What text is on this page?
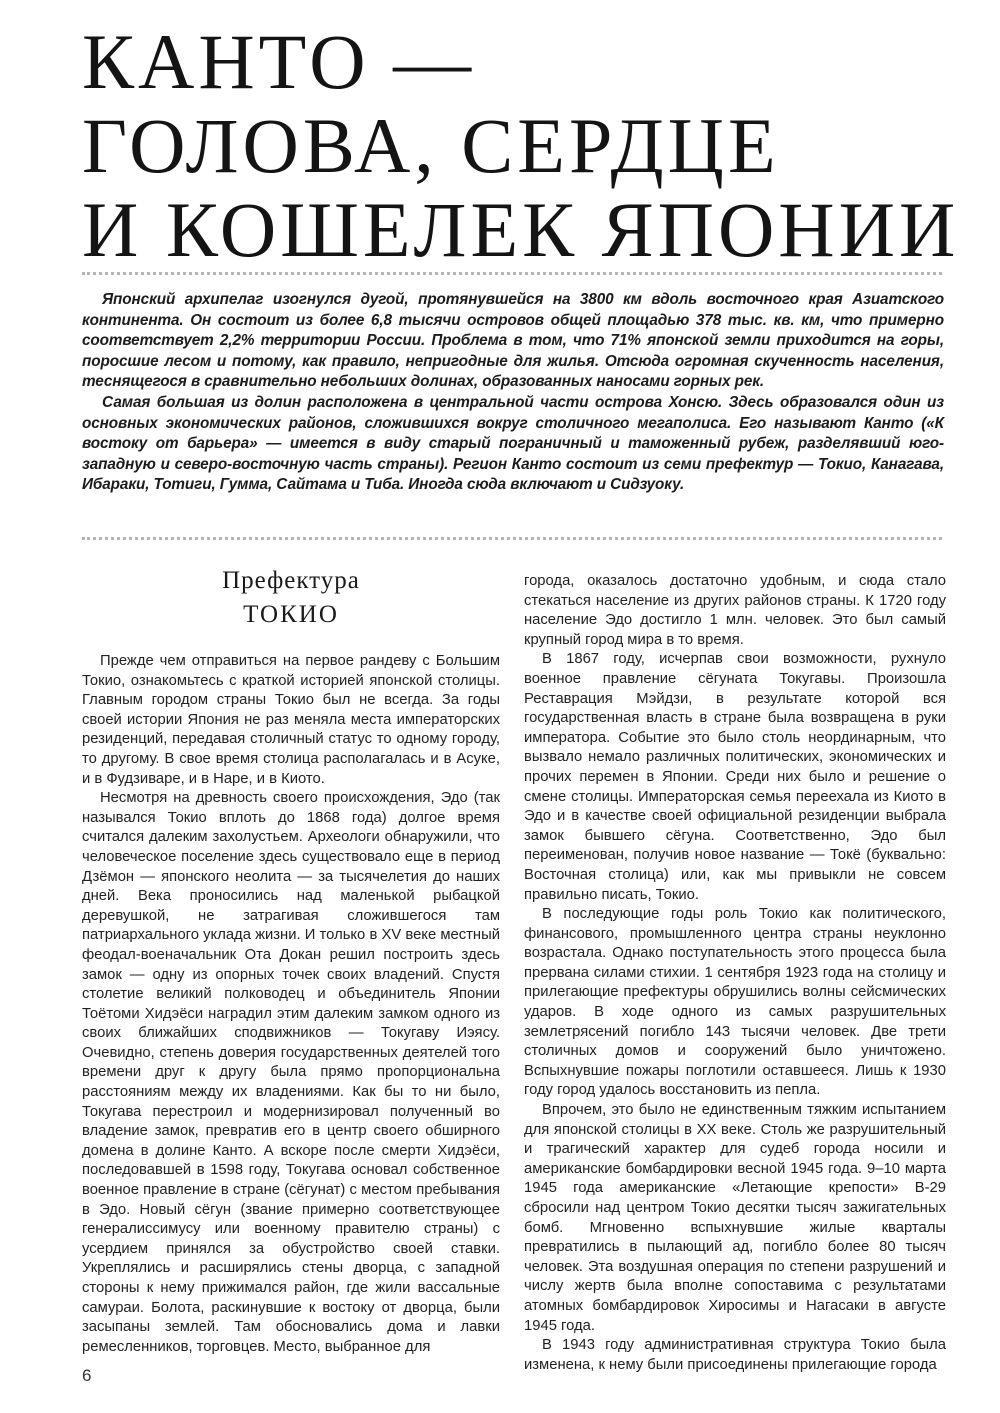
КАНТО —
ГОЛОВА, СЕРДЦЕ
И КОШЕЛЕК ЯПОНИИ

Японский архипелаг изогнулся дугой, протянувшейся на 3800 км вдоль восточного края Азиатского континента. Он состоит из более 6,8 тысячи островов общей площадью 378 тыс. кв. км, что примерно соответствует 2,2% территории России. Проблема в том, что 71% японской земли приходится на горы, поросшие лесом и потому, как правило, непригодные для жилья. Отсюда огромная скученность населения, теснящегося в сравнительно небольших долинах, образованных наносами горных рек.

Самая большая из долин расположена в центральной части острова Хонсю. Здесь образовался один из основных экономических районов, сложившихся вокруг столичного мегаполиса. Его называют Канто («К востоку от барьера» — имеется в виду старый пограничный и таможенный рубеж, разделявший юго-западную и северо-восточную часть страны). Регион Канто состоит из семи префектур — Токио, Канагава, Ибараки, Тотиги, Гумма, Сайтама и Тиба. Иногда сюда включают и Сидзуоку.

Префектура
ТОКИО

Прежде чем отправиться на первое рандеву с Большим Токио, ознакомьтесь с краткой историей японской столицы. Главным городом страны Токио был не всегда. За годы своей истории Япония не раз меняла места императорских резиденций, передавая столичный статус то одному городу, то другому. В свое время столица располагалась и в Асуке, и в Фудзиваре, и в Наре, и в Киото.

Несмотря на древность своего происхождения, Эдо (так назывался Токио вплоть до 1868 года) долгое время считался далеким захолустьем. Археологи обнаружили, что человеческое поселение здесь существовало еще в период Дзёмон — японского неолита — за тысячелетия до наших дней. Века проносились над маленькой рыбацкой деревушкой, не затрагивая сложившегося там патриархального уклада жизни. И только в XV веке местный феодал-военачальник Ота Докан решил построить здесь замок — одну из опорных точек своих владений. Спустя столетие великий полководец и объединитель Японии Тоётоми Хидэёси наградил этим далеким замком одного из своих ближайших сподвижников — Токугаву Иэясу. Очевидно, степень доверия государственных деятелей того времени друг к другу была прямо пропорциональна расстояниям между их владениями. Как бы то ни было, Токугава перестроил и модернизировал полученный во владение замок, превратив его в центр своего обширного домена в долине Канто. А вскоре после смерти Хидэёси, последовавшей в 1598 году, Токугава основал собственное военное правление в стране (сёгунат) с местом пребывания в Эдо. Новый сёгун (звание примерно соответствующее генералиссимусу или военному правителю страны) с усердием принялся за обустройство своей ставки. Укреплялись и расширялись стены дворца, с западной стороны к нему прижимался район, где жили вассальные самураи. Болота, раскинувшие к востоку от дворца, были засыпаны землей. Там обосновались дома и лавки ремесленников, торговцев. Место, выбранное для

города, оказалось достаточно удобным, и сюда стало стекаться население из других районов страны. К 1720 году население Эдо достигло 1 млн. человек. Это был самый крупный город мира в то время.

В 1867 году, исчерпав свои возможности, рухнуло военное правление сёгуната Токугавы. Произошла Реставрация Мэйдзи, в результате которой вся государственная власть в стране была возвращена в руки императора. Событие это было столь неординарным, что вызвало немало различных политических, экономических и прочих перемен в Японии. Среди них было и решение о смене столицы. Императорская семья переехала из Киото в Эдо и в качестве своей официальной резиденции выбрала замок бывшего сёгуна. Соответственно, Эдо был переименован, получив новое название — Токё (буквально: Восточная столица) или, как мы привыкли не совсем правильно писать, Токио.

В последующие годы роль Токио как политического, финансового, промышленного центра страны неуклонно возрастала. Однако поступательность этого процесса была прервана силами стихии. 1 сентября 1923 года на столицу и прилегающие префектуры обрушились волны сейсмических ударов. В ходе одного из самых разрушительных землетрясений погибло 143 тысячи человек. Две трети столичных домов и сооружений было уничтожено. Вспыхнувшие пожары поглотили оставшееся. Лишь к 1930 году город удалось восстановить из пепла.

Впрочем, это было не единственным тяжким испытанием для японской столицы в XX веке. Столь же разрушительный и трагический характер для судеб города носили и американские бомбардировки весной 1945 года. 9–10 марта 1945 года американские «Летающие крепости» B-29 сбросили над центром Токио десятки тысяч зажигательных бомб. Мгновенно вспыхнувшие жилые кварталы превратились в пылающий ад, погибло более 80 тысяч человек. Эта воздушная операция по степени разрушений и числу жертв была вполне сопоставима с результатами атомных бомбардировок Хиросимы и Нагасаки в августе 1945 года.

В 1943 году административная структура Токио была изменена, к нему были присоединены прилегающие города

6
